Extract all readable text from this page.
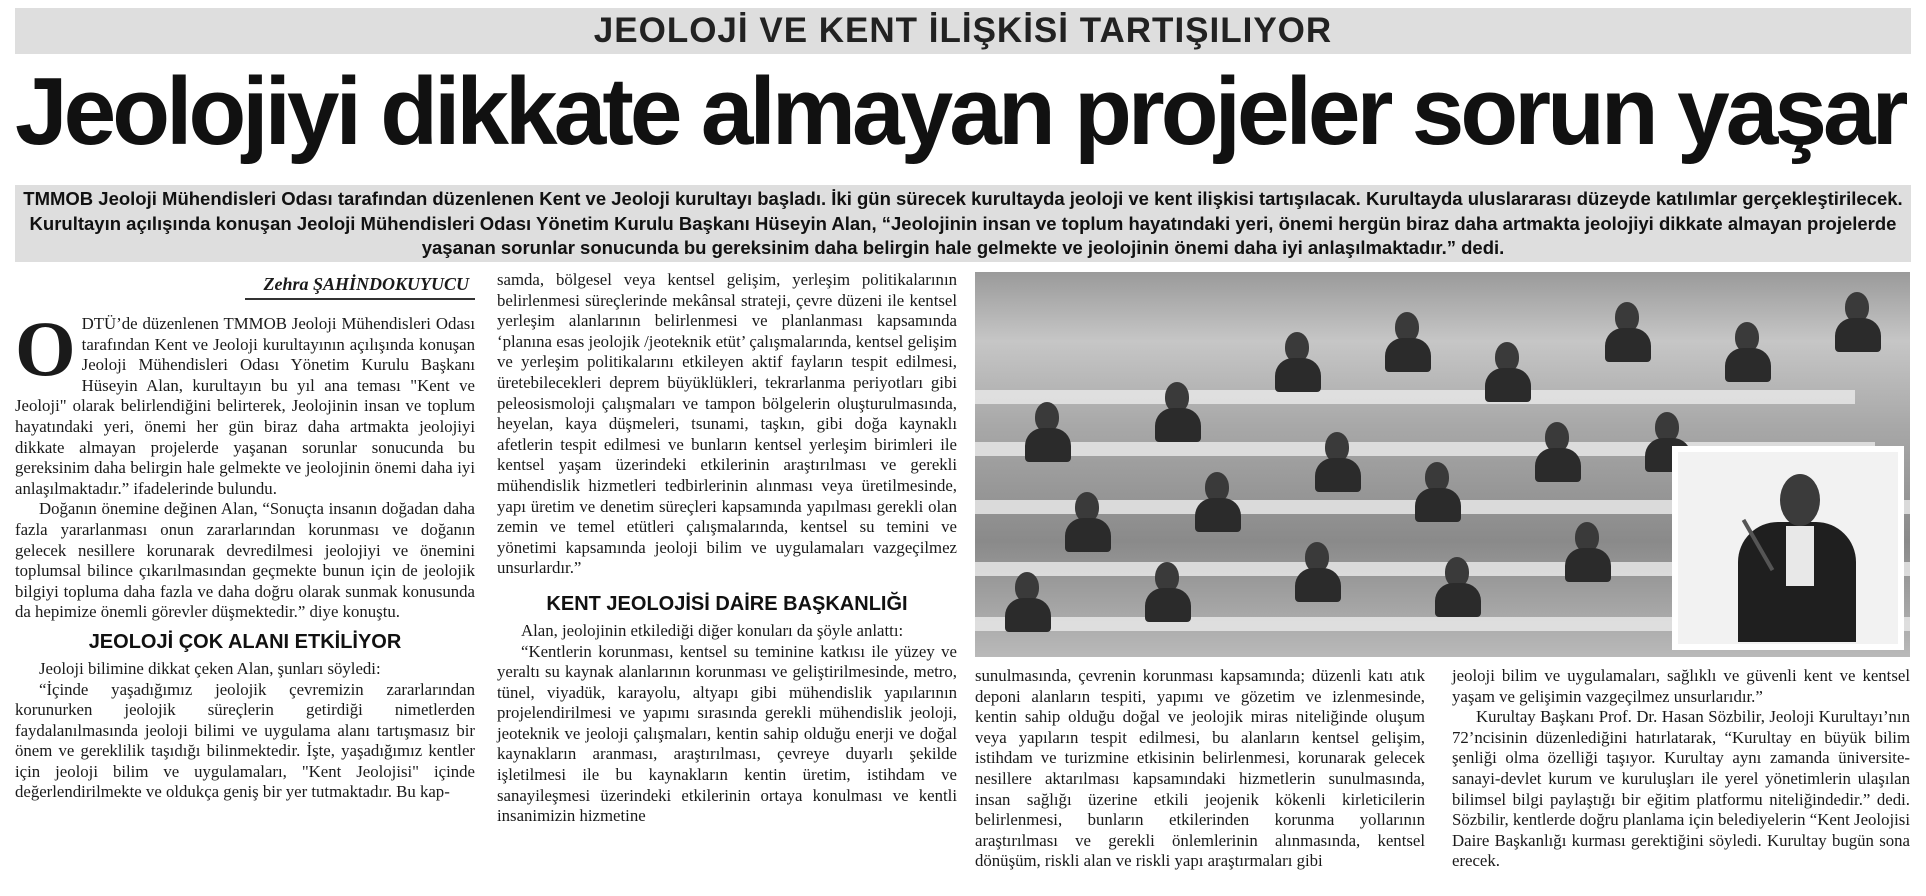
JEOLOJİ VE KENT İLİŞKİSİ TARTIŞILIYOR
Jeolojiyi dikkate almayan projeler sorun yaşar
TMMOB Jeoloji Mühendisleri Odası tarafından düzenlenen Kent ve Jeoloji kurultayı başladı. İki gün sürecek kurultayda jeoloji ve kent ilişkisi tartışılacak. Kurultayda uluslararası düzeyde katılımlar gerçekleştirilecek. Kurultayın açılışında konuşan Jeoloji Mühendisleri Odası Yönetim Kurulu Başkanı Hüseyin Alan, “Jeolojinin insan ve toplum hayatındaki yeri, önemi hergün biraz daha artmakta jeolojiyi dikkate almayan projelerde yaşanan sorunlar sonucunda bu gereksinim daha belirgin hale gelmekte ve jeolojinin önemi daha iyi anlaşılmaktadır.” dedi.
Zehra ŞAHİNDOKUYUCU

ODTÜ’de düzenlenen TMMOB Jeoloji Mühendisleri Odası tarafından Kent ve Jeoloji kurultayının açılışında konuşan Jeoloji Mühendisleri Odası Yönetim Kurulu Başkanı Hüseyin Alan, kurultayın bu yıl ana teması "Kent ve Jeoloji" olarak belirlendiğini belirterek, Jeolojinin insan ve toplum hayatındaki yeri, önemi her gün biraz daha artmakta jeolojiyi dikkate almayan projelerde yaşanan sorunlar sonucunda bu gereksinim daha belirgin hale gelmekte ve jeolojinin önemi daha iyi anlaşılmaktadır.” ifadelerinde bulundu.

Doğanın önemine değinen Alan, “Sonuçta insanın doğadan daha fazla yararlanması onun zararlarından korunması ve doğanın gelecek nesillere korunarak devredilmesi jeolojiyi ve önemini toplumsal bilince çıkarılmasından geçmekte bunun için de jeolojik bilgiyi topluma daha fazla ve daha doğru olarak sunmak konusunda da hepimize önemli görevler düşmektedir.” diye konuştu.

JEOLOJİ ÇOK ALANI ETKİLİYOR

Jeoloji bilimine dikkat çeken Alan, şunları söyledi:

“İçinde yaşadığımız jeolojik çevremizin zararlarından korunurken jeolojik süreçlerin getirdiği nimetlerden faydalanılmasında jeoloji bilimi ve uygulama alanı tartışmasız bir önem ve gereklilik taşıdığı bilinmektedir. İşte, yaşadığımız kentler için jeoloji bilim ve uygulamaları, "Kent Jeolojisi" içinde değerlendirilmekte ve oldukça geniş bir yer tutmaktadır. Bu kap-

samda, bölgesel veya kentsel gelişim, yerleşim politikalarının belirlenmesi süreçlerinde mekânsal strateji, çevre düzeni ile kentsel yerleşim alanlarının belirlenmesi ve planlanması kapsamında ‘planına esas jeolojik /jeoteknik etüt’ çalışmalarında, kentsel gelişim ve yerleşim politikalarını etkileyen aktif fayların tespit edilmesi, üretebilecekleri deprem büyüklükleri, tekrarlanma periyotları gibi peleosismoloji çalışmaları ve tampon bölgelerin oluşturulmasında, heyelan, kaya düşmeleri, tsunami, taşkın, gibi doğa kaynaklı afetlerin tespit edilmesi ve bunların kentsel yerleşim birimleri ile kentsel yaşam üzerindeki etkilerinin araştırılması ve gerekli mühendislik hizmetleri tedbirlerinin alınması veya üretilmesinde, yapı üretim ve denetim süreçleri kapsamında yapılması gerekli olan zemin ve temel etütleri çalışmalarında, kentsel su temini ve yönetimi kapsamında jeoloji bilim ve uygulamaları vazgeçilmez unsurlardır.”

KENT JEOLOJİSİ DAİRE BAŞKANLIĞI

Alan, jeolojinin etkilediği diğer konuları da şöyle anlattı:

“Kentlerin korunması, kentsel su teminine katkısı ile yüzey ve yeraltı su kaynak alanlarının korunması ve geliştirilmesinde, metro, tünel, viyadük, karayolu, altyapı gibi mühendislik yapılarının projelendirilmesi ve yapımı sırasında gerekli mühendislik jeoloji, jeoteknik ve jeoloji çalışmaları, kentin sahip olduğu enerji ve doğal kaynakların aranması, araştırılması, çevreye duyarlı şekilde işletilmesi ile bu kaynakların kentin üretim, istihdam ve sanayileşmesi üzerindeki etkilerinin ortaya konulması ve kentli insanimizin hizmetine

sunulmasında, çevrenin korunması kapsamında; düzenli katı atık deponi alanların tespiti, yapımı ve gözetim ve izlenmesinde, kentin sahip olduğu doğal ve jeolojik miras niteliğinde oluşum veya yapıların tespit edilmesi, bu alanların kentsel gelişim, istihdam ve turizmine etkisinin belirlenmesi, korunarak gelecek nesillere aktarılması kapsamındaki hizmetlerin sunulmasında, insan sağlığı üzerine etkili jeojenik kökenli kirleticilerin belirlenmesi, bunların etkilerinden korunma yollarının araştırılması ve gerekli önlemlerinin alınmasında, kentsel dönüşüm, riskli alan ve riskli yapı araştırmaları gibi

jeoloji bilim ve uygulamaları, sağlıklı ve güvenli kent ve kentsel yaşam ve gelişimin vazgeçilmez unsurlarıdır.”

Kurultay Başkanı Prof. Dr. Hasan Sözbilir, Jeoloji Kurultayı’nın 72’ncisinin düzenlediğini hatırlatarak, “Kurultay en büyük bilim şenliği olma özelliği taşıyor. Kurultay aynı zamanda üniversite-sanayi-devlet kurum ve kuruluşları ile yerel yönetimlerin ulaşılan bilimsel bilgi paylaştığı bir eğitim platformu niteliğindedir.” dedi. Sözbilir, kentlerde doğru planlama için belediyelerin “Kent Jeolojisi Daire Başkanlığı kurması gerektiğini söyledi. Kurultay bugün sona erecek.
